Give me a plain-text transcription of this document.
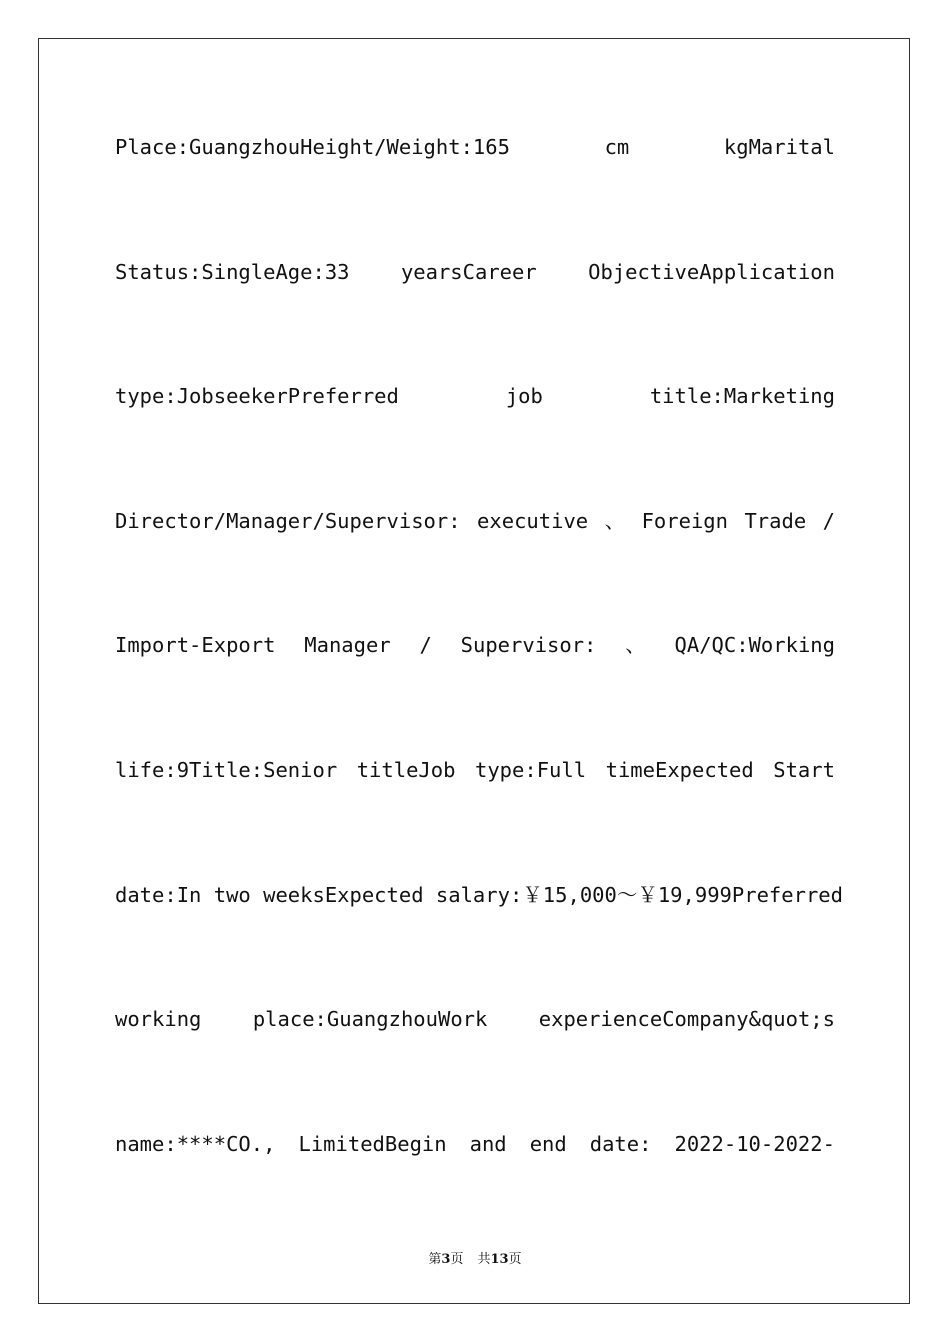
Place:GuangzhouHeight/Weight:165	cm	kgMarital
Status:SingleAge:33	yearsCareer	ObjectiveApplication
type:JobseekerPreferred	job	title:Marketing
Director/Manager/Supervisor: executive 、 Foreign Trade /
Import-Export Manager / Supervisor: 、 QA/QC:Working
life:9Title:Senior titleJob type:Full timeExpected Start
date:In two weeksExpected salary:￥15,000～￥19,999Preferred
working	place:GuangzhouWork	experienceCompany&quot;s
name:****CO., LimitedBegin and end date: 2022-10-2022-
第3页 共13页
